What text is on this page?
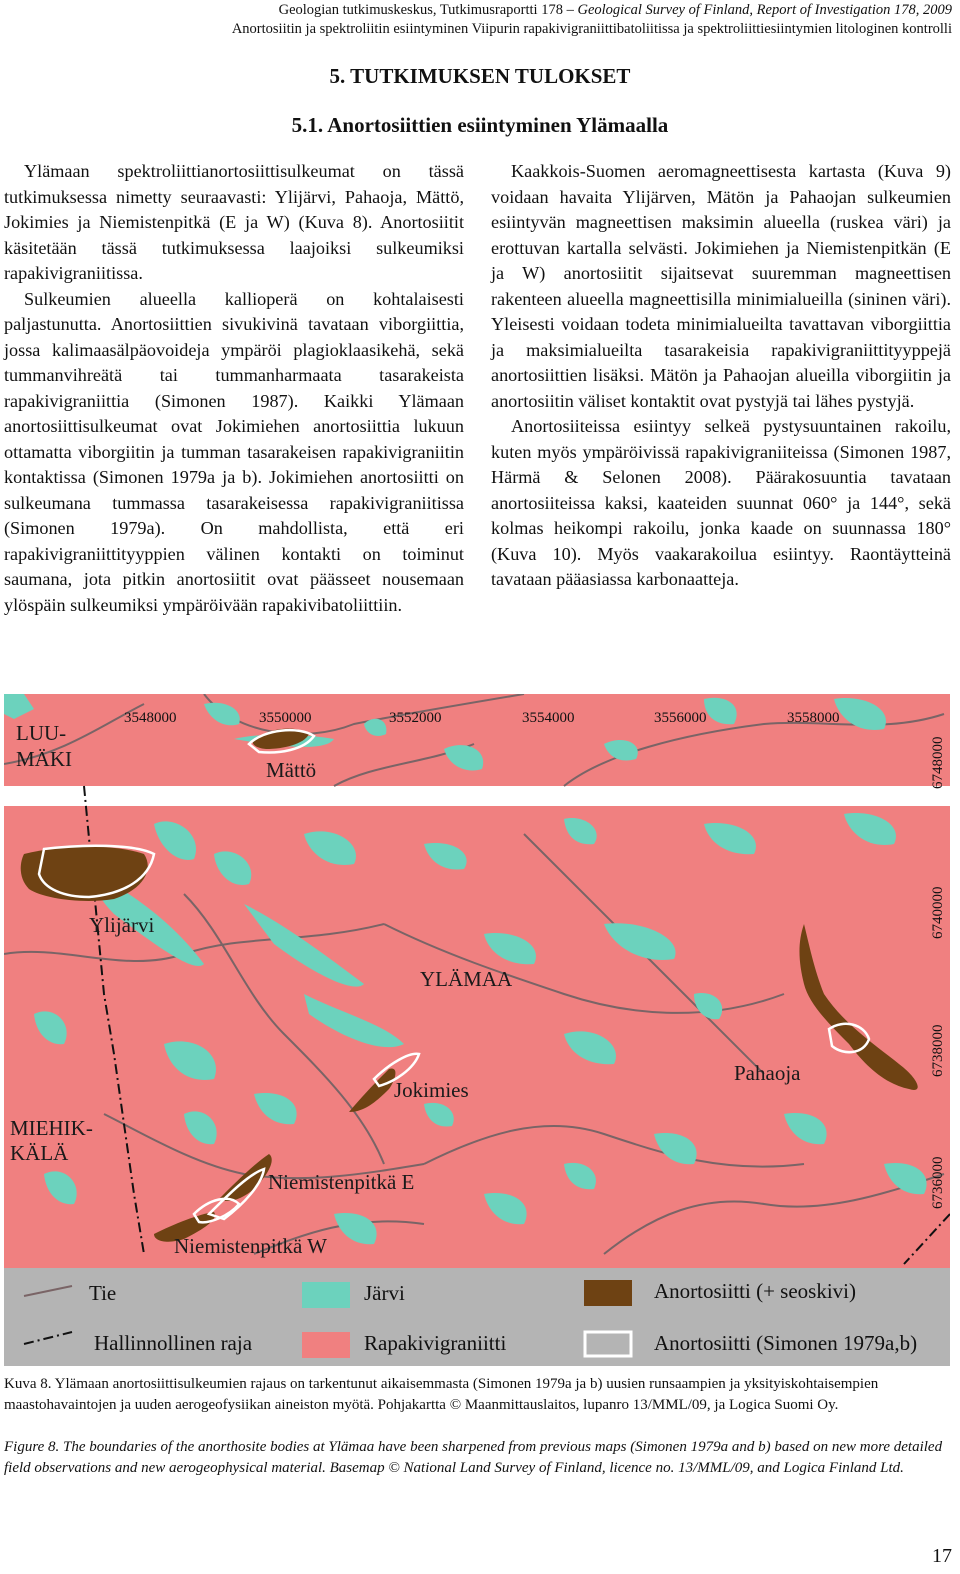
Geologian tutkimuskeskus, Tutkimusraportti 178 – Geological Survey of Finland, Report of Investigation 178, 2009
Anortosiitin ja spektroliitin esiintyminen Viipurin rapakivigraniittibatoliitissa ja spektroliittiesiintymien litologinen kontrolli
5. TUTKIMUKSEN TULOKSET
5.1. Anortosiittien esiintyminen Ylämaalla

Ylämaan spektroliittianortosiittisulkeumat on tässä tutkimuksessa nimetty seuraavasti: Ylijärvi, Pahaoja, Mättö, Jokimies ja Niemistenpitkä (E ja W) (Kuva 8). Anortosiitit käsitetään tässä tutkimuksessa laajoiksi sulkeumiksi rapakivigraniitissa.

Sulkeumien alueella kallioperä on kohtalaisesti paljastunutta. Anortosiittien sivukivinä tavataan viborgiittia, jossa kalimaasälpäovoideja ympäröi plagioklaasikehä, sekä tummanvihreätä tai tummanharmaata tasarakeista rapakivigraniittia (Simonen 1987). Kaikki Ylämaan anortosiittisulkeumat ovat Jokimiehen anortosiittia lukuun ottamatta viborgiitin ja tumman tasarakeisen rapakivigraniitin kontaktissa (Simonen 1979a ja b). Jokimiehen anortosiitti on sulkeumana tummassa tasarakeisessa rapakivigraniitissa (Simonen 1979a). On mahdollista, että eri rapakivigraniittityyppien välinen kontakti on toiminut saumana, jota pitkin anortosiitit ovat päässeet nousemaan ylöspäin sulkeumiksi ympäröivään rapakivibatoliittiin.

Kaakkois-Suomen aeromagneettisesta kartasta (Kuva 9) voidaan havaita Ylijärven, Mätön ja Pahaojan sulkeumien esiintyvän magneettisen maksimin alueella (ruskea väri) ja erottuvan kartalla selvästi. Jokimiehen ja Niemistenpitkän (E ja W) anortosiitit sijaitsevat suuremman magneettisen rakenteen alueella magneettisilla minimialueilla (sininen väri). Yleisesti voidaan todeta minimialueilta tavattavan viborgiittia ja maksimialueilta tasarakeisia rapakivigraniittityyppejä anortosiittien lisäksi. Mätön ja Pahaojan alueilla viborgiitin ja anortosiitin väliset kontaktit ovat pystyjä tai lähes pystyjä.

Anortosiiteissa esiintyy selkeä pystysuuntainen rakoilu, kuten myös ympäröivissä rapakivigraniiteissa (Simonen 1987, Härmä & Selonen 2008). Päärakosuuntia tavataan anortosiiteissa kaksi, kaateiden suunnat 060° ja 144°, sekä kolmas heikompi rakoilu, jonka kaade on suunnassa 180° (Kuva 10). Myös vaakarakoilua esiintyy. Raontäytteinä tavataan pääasiassa karbonaatteja.

3548000	3550000	3552000	3554000	3556000	3558000
6748000
6740000
6738000
6736000
LUU-
MÄKI	Mättö
Ylijärvi
YLÄMAA
Pahaoja
Jokimies
MIEHIK-
KÄLÄ
Niemistenpitkä E
Niemistenpitkä W
Tie	Järvi	Anortosiitti (+ seoskivi)
Hallinnollinen raja	Rapakivigraniitti	Anortosiitti (Simonen 1979a,b)
Kuva 8. Ylämaan anortosiittisulkeumien rajaus on tarkentunut aikaisemmasta (Simonen 1979a ja b) uusien runsaampien ja yksityiskohtaisempien maastohavaintojen ja uuden aerogeofysiikan aineiston myötä. Pohjakartta © Maanmittauslaitos, lupanro 13/MML/09, ja Logica Suomi Oy.
Figure 8. The boundaries of the anorthosite bodies at Ylämaa have been sharpened from previous maps (Simonen 1979a and b) based on new more detailed field observations and new aerogeophysical material. Basemap © National Land Survey of Finland, licence no. 13/MML/09, and Logica Finland Ltd.
17
